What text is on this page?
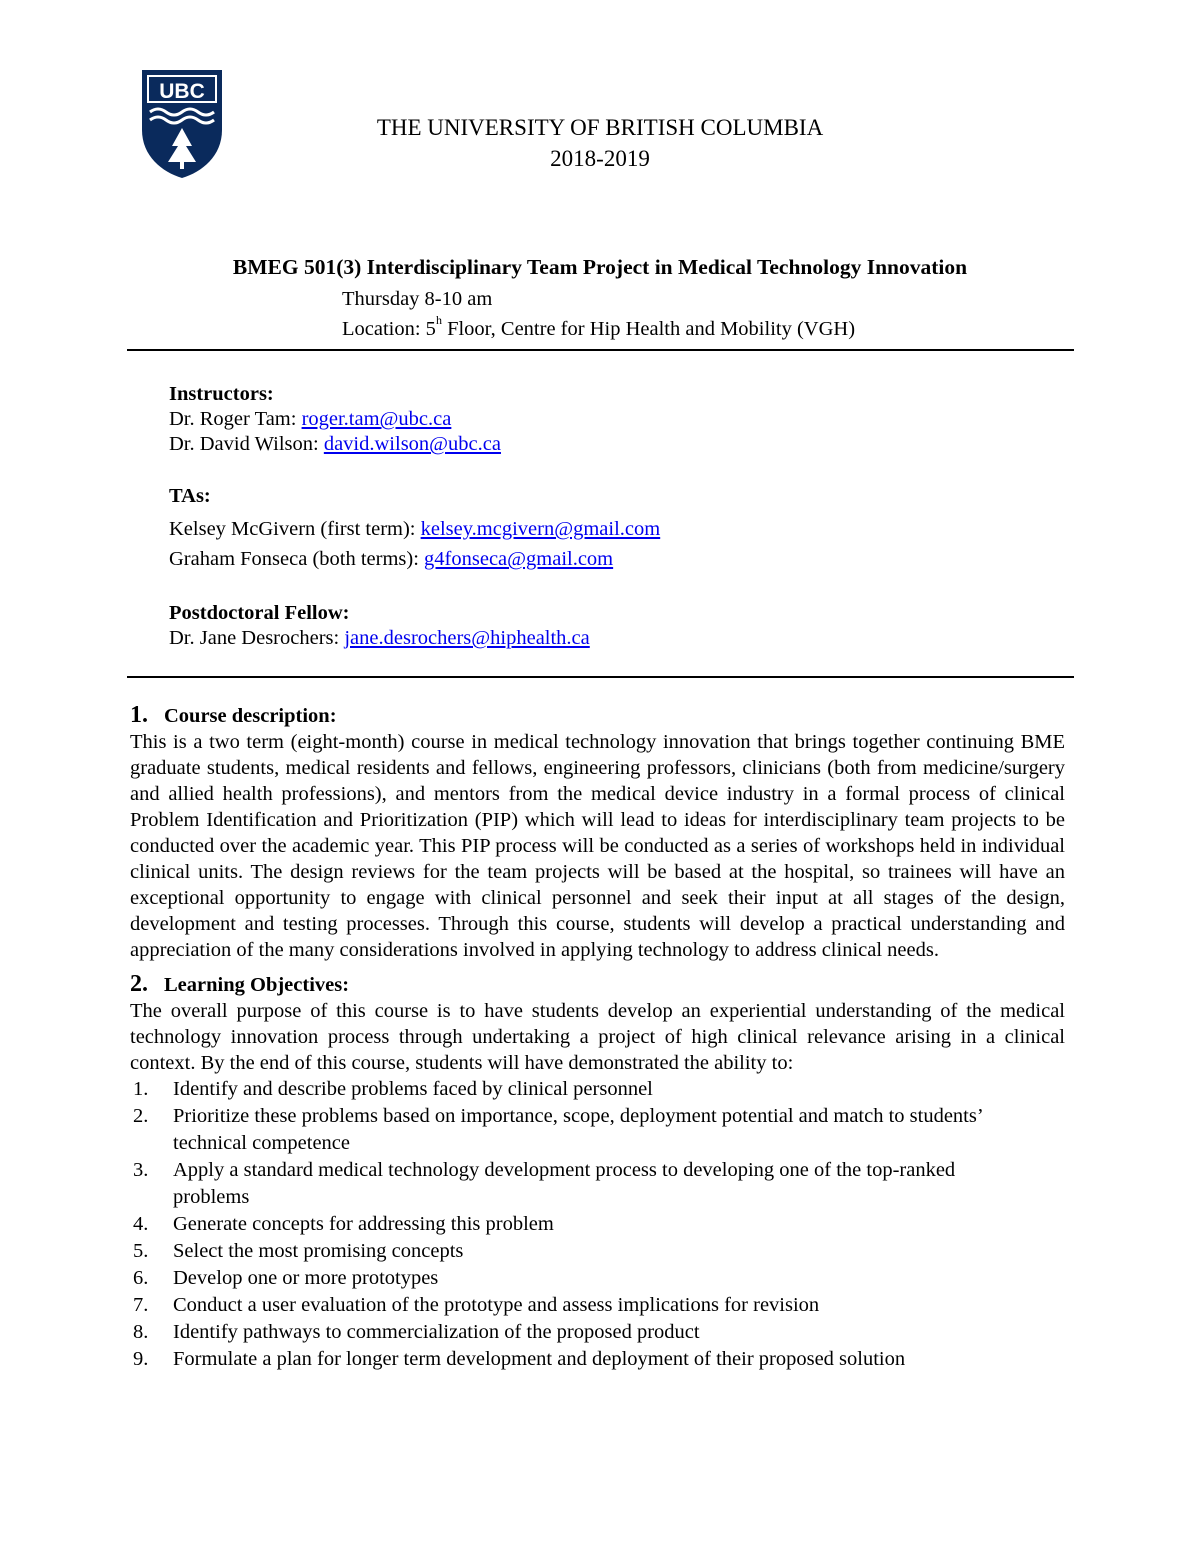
UBC
THE UNIVERSITY OF BRITISH COLUMBIA
2018-2019
BMEG 501(3) Interdisciplinary Team Project in Medical Technology Innovation
Thursday 8-10 am
Location: 5$^h$ Floor, Centre for Hip Health and Mobility (VGH)
Instructors:
Dr. Roger Tam: roger.tam@ubc.ca
Dr. David Wilson: david.wilson@ubc.ca
TAs:
Kelsey McGivern (first term): kelsey.mcgivern@gmail.com
Graham Fonseca (both terms): g4fonseca@gmail.com
Postdoctoral Fellow:
Dr. Jane Desrochers: jane.desrochers@hiphealth.ca
1. Course description:
This is a two term (eight-month) course in medical technology innovation that brings together continuing BME graduate students, medical residents and fellows, engineering professors, clinicians (both from medicine/surgery and allied health professions), and mentors from the medical device industry in a formal process of clinical Problem Identification and Prioritization (PIP) which will lead to ideas for interdisciplinary team projects to be conducted over the academic year. This PIP process will be conducted as a series of workshops held in individual clinical units. The design reviews for the team projects will be based at the hospital, so trainees will have an exceptional opportunity to engage with clinical personnel and seek their input at all stages of the design, development and testing processes. Through this course, students will develop a practical understanding and appreciation of the many considerations involved in applying technology to address clinical needs.
2. Learning Objectives:
The overall purpose of this course is to have students develop an experiential understanding of the medical technology innovation process through undertaking a project of high clinical relevance arising in a clinical context. By the end of this course, students will have demonstrated the ability to:
1.	Identify and describe problems faced by clinical personnel
2.	Prioritize these problems based on importance, scope, deployment potential and match to students’ technical competence
3.	Apply a standard medical technology development process to developing one of the top-ranked problems
4.	Generate concepts for addressing this problem
5.	Select the most promising concepts
6.	Develop one or more prototypes
7.	Conduct a user evaluation of the prototype and assess implications for revision
8.	Identify pathways to commercialization of the proposed product
9.	Formulate a plan for longer term development and deployment of their proposed solution
